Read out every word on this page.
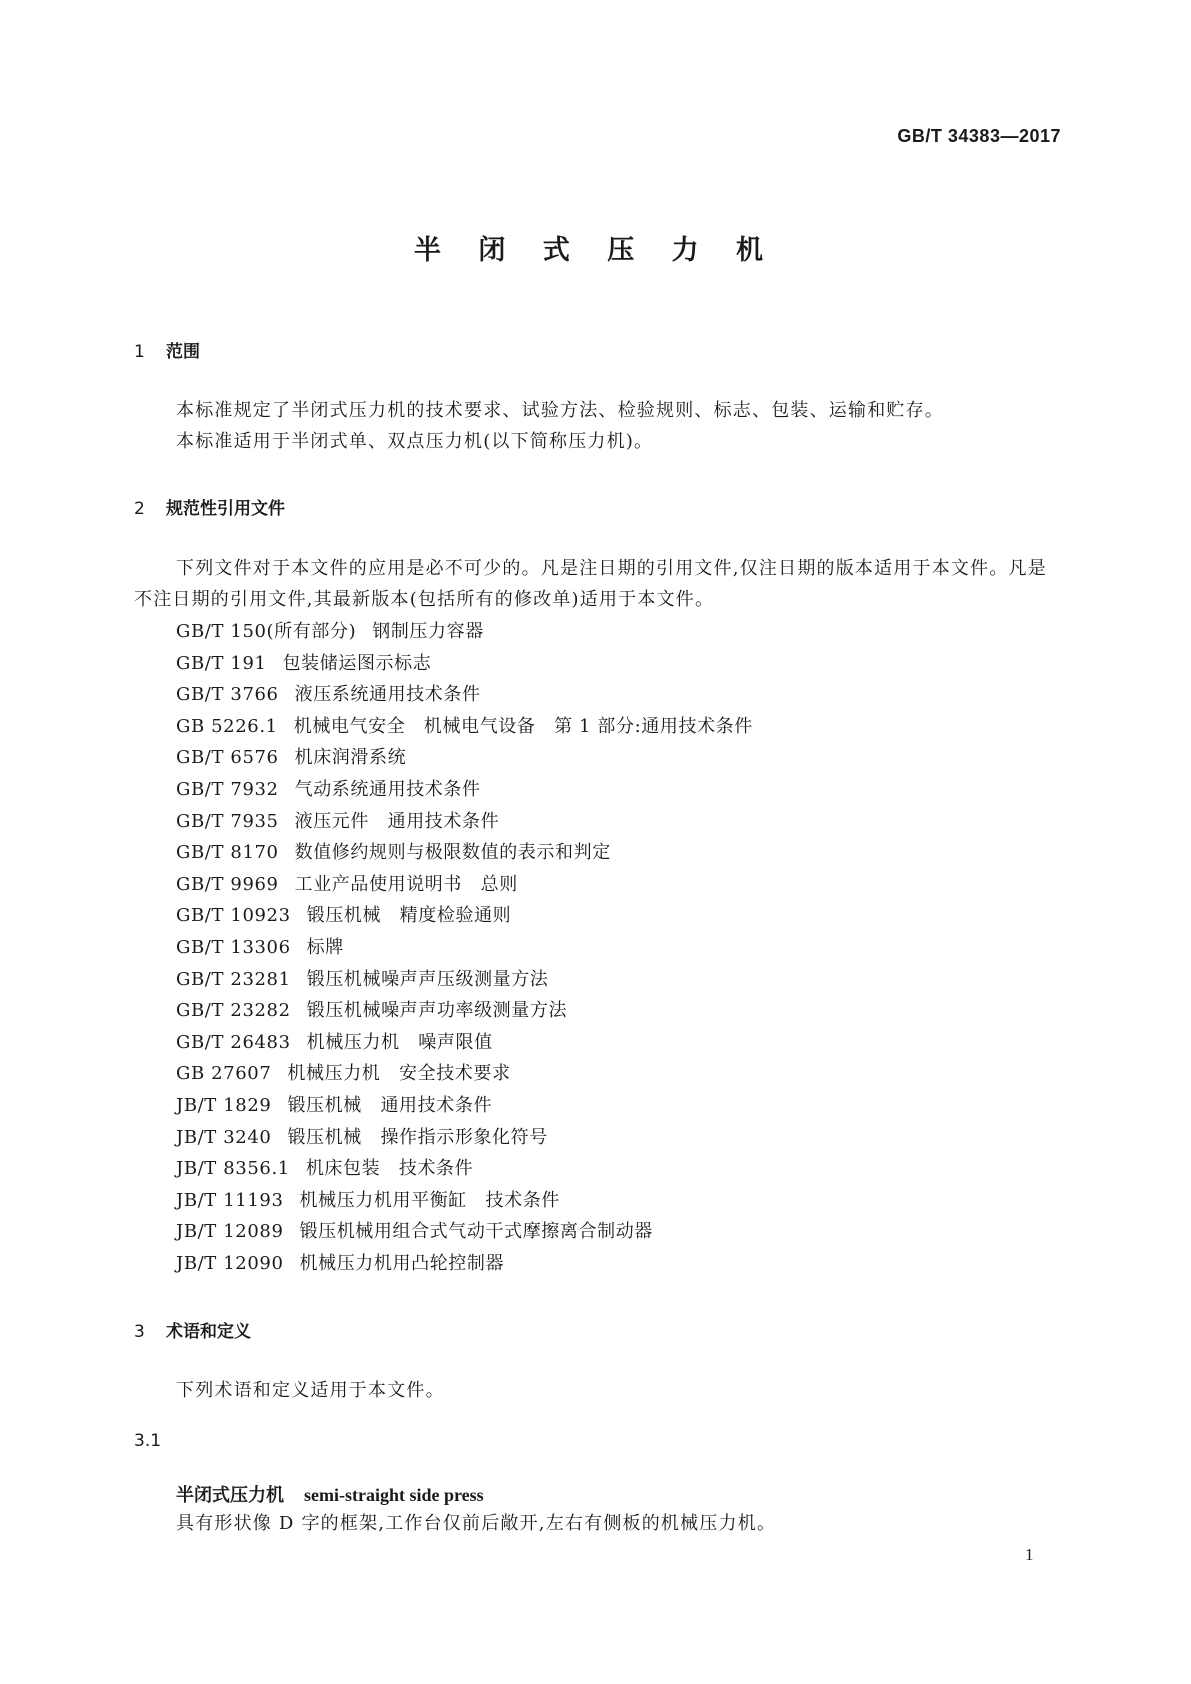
GB/T 34383—2017
半 闭 式 压 力 机
1 范围
本标准规定了半闭式压力机的技术要求、试验方法、检验规则、标志、包装、运输和贮存。
本标准适用于半闭式单、双点压力机(以下简称压力机)。
2 规范性引用文件
下列文件对于本文件的应用是必不可少的。凡是注日期的引用文件,仅注日期的版本适用于本文件。凡是不注日期的引用文件,其最新版本(包括所有的修改单)适用于本文件。
GB/T 150(所有部分) 钢制压力容器
GB/T 191 包装储运图示标志
GB/T 3766 液压系统通用技术条件
GB 5226.1 机械电气安全　机械电气设备　第 1 部分:通用技术条件
GB/T 6576 机床润滑系统
GB/T 7932 气动系统通用技术条件
GB/T 7935 液压元件　通用技术条件
GB/T 8170 数值修约规则与极限数值的表示和判定
GB/T 9969 工业产品使用说明书　总则
GB/T 10923 锻压机械　精度检验通则
GB/T 13306 标牌
GB/T 23281 锻压机械噪声声压级测量方法
GB/T 23282 锻压机械噪声声功率级测量方法
GB/T 26483 机械压力机　噪声限值
GB 27607 机械压力机　安全技术要求
JB/T 1829 锻压机械　通用技术条件
JB/T 3240 锻压机械　操作指示形象化符号
JB/T 8356.1 机床包装　技术条件
JB/T 11193 机械压力机用平衡缸　技术条件
JB/T 12089 锻压机械用组合式气动干式摩擦离合制动器
JB/T 12090 机械压力机用凸轮控制器
3 术语和定义
下列术语和定义适用于本文件。
3.1
半闭式压力机 semi-straight side press
具有形状像 D 字的框架,工作台仅前后敞开,左右有侧板的机械压力机。
1
